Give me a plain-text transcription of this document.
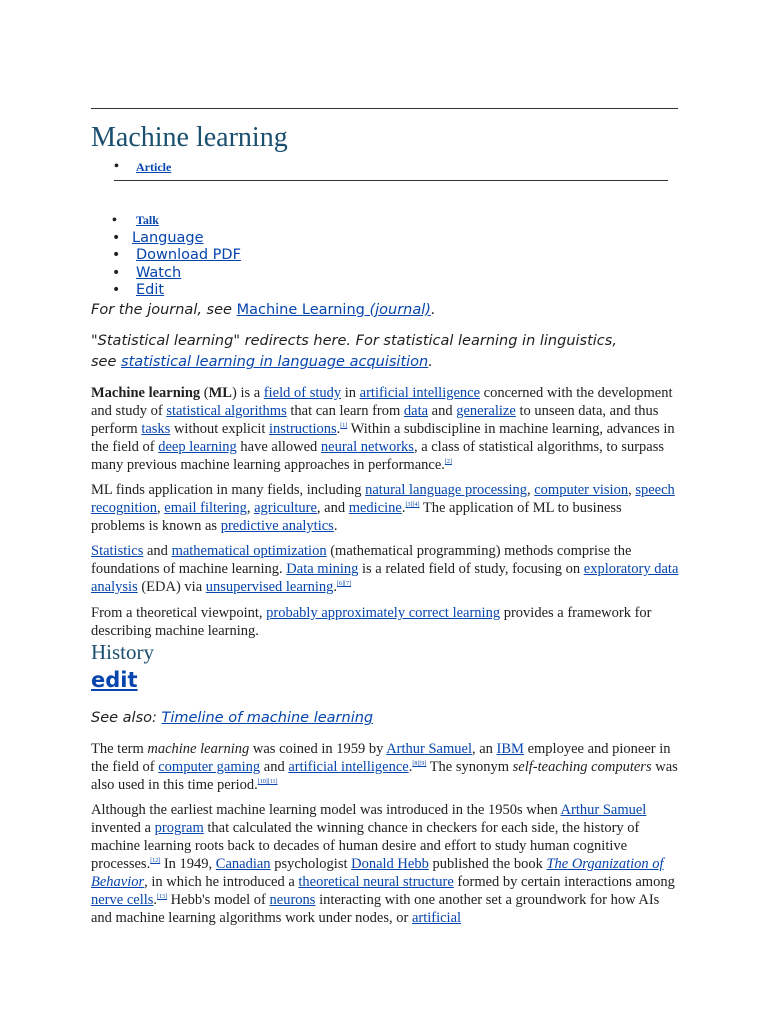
Machine learning
• Article
• Talk
• Language
• Download PDF
• Watch
• Edit
For the journal, see Machine Learning (journal).
"Statistical learning" redirects here. For statistical learning in linguistics,
see statistical learning in language acquisition.

Machine learning (ML) is a field of study in artificial intelligence concerned with the development and study of statistical algorithms that can learn from data and generalize to unseen data, and thus perform tasks without explicit instructions.[1] Within a subdiscipline in machine learning, advances in the field of deep learning have allowed neural networks, a class of statistical algorithms, to surpass many previous machine learning approaches in performance.[2]

ML finds application in many fields, including natural language processing, computer vision, speech recognition, email filtering, agriculture, and medicine.[3][4] The application of ML to business problems is known as predictive analytics.

Statistics and mathematical optimization (mathematical programming) methods comprise the foundations of machine learning. Data mining is a related field of study, focusing on exploratory data analysis (EDA) via unsupervised learning.[6][7]

From a theoretical viewpoint, probably approximately correct learning provides a framework for describing machine learning.

History
edit
See also: Timeline of machine learning

The term machine learning was coined in 1959 by Arthur Samuel, an IBM employee and pioneer in the field of computer gaming and artificial intelligence.[8][9] The synonym self-teaching computers was also used in this time period.[10][11]

Although the earliest machine learning model was introduced in the 1950s when Arthur Samuel invented a program that calculated the winning chance in checkers for each side, the history of machine learning roots back to decades of human desire and effort to study human cognitive processes.[12] In 1949, Canadian psychologist Donald Hebb published the book The Organization of Behavior, in which he introduced a theoretical neural structure formed by certain interactions among nerve cells.[13] Hebb's model of neurons interacting with one another set a groundwork for how AIs and machine learning algorithms work under nodes, or artificial
